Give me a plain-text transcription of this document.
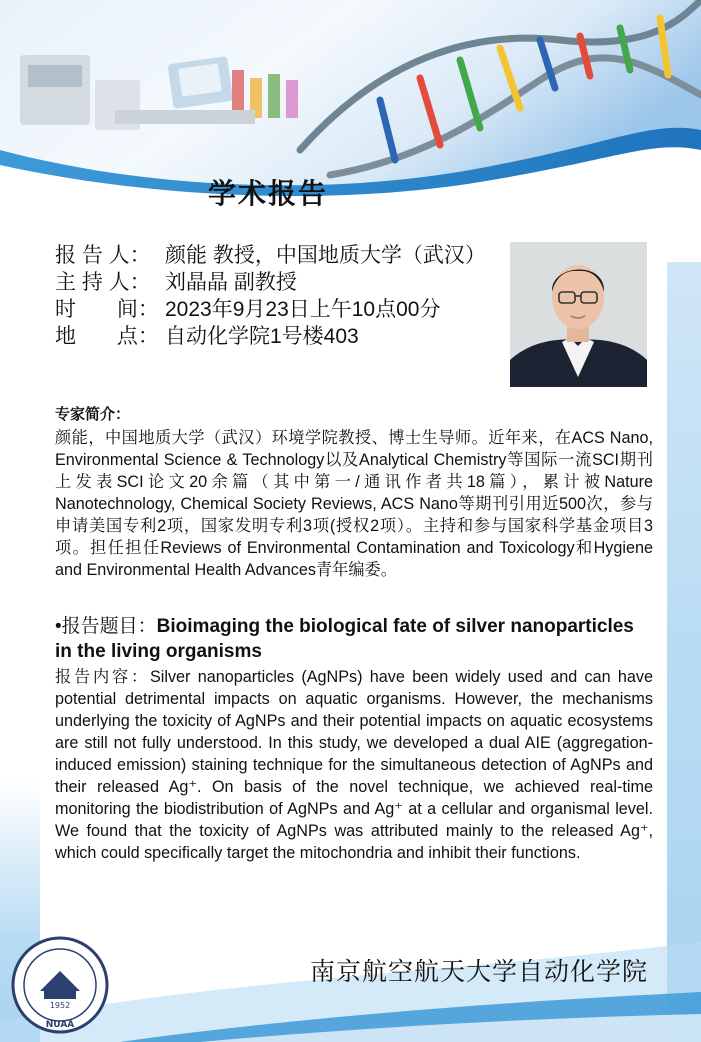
学术报告
报 告 人： 颜能 教授，中国地质大学（武汉）
主 持 人： 刘晶晶 副教授
时       间： 2023年9月23日上午10点00分
地       点： 自动化学院1号楼403
专家简介：
颜能，中国地质大学（武汉）环境学院教授、博士生导师。近年来，在ACS Nano, Environmental Science & Technology以及Analytical Chemistry等国际一流SCI期刊上发表SCI论文20余篇（其中第一/通讯作者共18篇），累计被Nature Nanotechnology, Chemical Society Reviews, ACS Nano等期刊引用近500次，参与申请美国专利2项，国家发明专利3项(授权2项）。主持和参与国家科学基金项目3项。担任担任Reviews of Environmental Contamination and Toxicology和Hygiene and Environmental Health Advances青年编委。
•报告题目：Bioimaging the biological fate of silver nanoparticles in the living organisms
报告内容：Silver nanoparticles (AgNPs) have been widely used and can have potential detrimental impacts on aquatic organisms. However, the mechanisms underlying the toxicity of AgNPs and their potential impacts on aquatic ecosystems are still not fully understood. In this study, we developed a dual AIE (aggregation-induced emission) staining technique for the simultaneous detection of AgNPs and their released Ag⁺. On basis of the novel technique, we achieved real-time monitoring the biodistribution of AgNPs and Ag⁺ at a cellular and organismal level. We found that the toxicity of AgNPs was attributed mainly to the released Ag⁺, which could specifically target the mitochondria and inhibit their functions.
1952
NUAA
南京航空航天大学自动化学院
